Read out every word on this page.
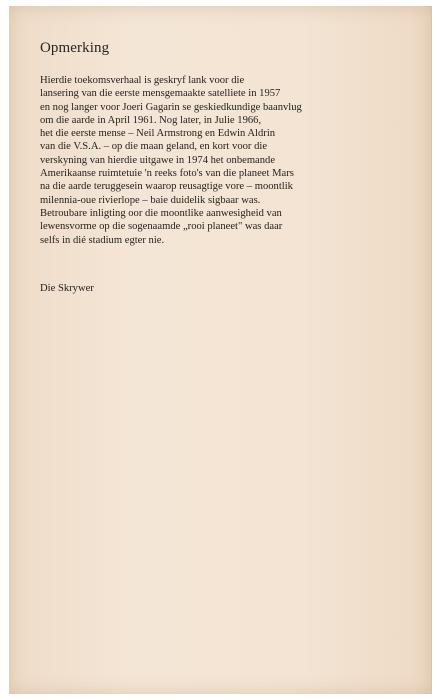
Opmerking
Hierdie toekomsverhaal is geskryf lank voor die
lansering van die eerste mensgemaakte satelliete in 1957
en nog langer voor Joeri Gagarin se geskiedkundige baanvlug
om die aarde in April 1961. Nog later, in Julie 1966,
het die eerste mense – Neil Armstrong en Edwin Aldrin
van die V.S.A. – op die maan geland, en kort voor die
verskyning van hierdie uitgawe in 1974 het onbemande
Amerikaanse ruimtetuie 'n reeks foto's van die planeet Mars
na die aarde teruggesein waarop reusagtige vore – moontlik
milennia-oue rivierlope – baie duidelik sigbaar was.
Betroubare inligting oor die moontlike aanwesigheid van
lewensvorme op die sogenaamde „rooi planeet" was daar
selfs in dié stadium egter nie.
Die Skrywer
